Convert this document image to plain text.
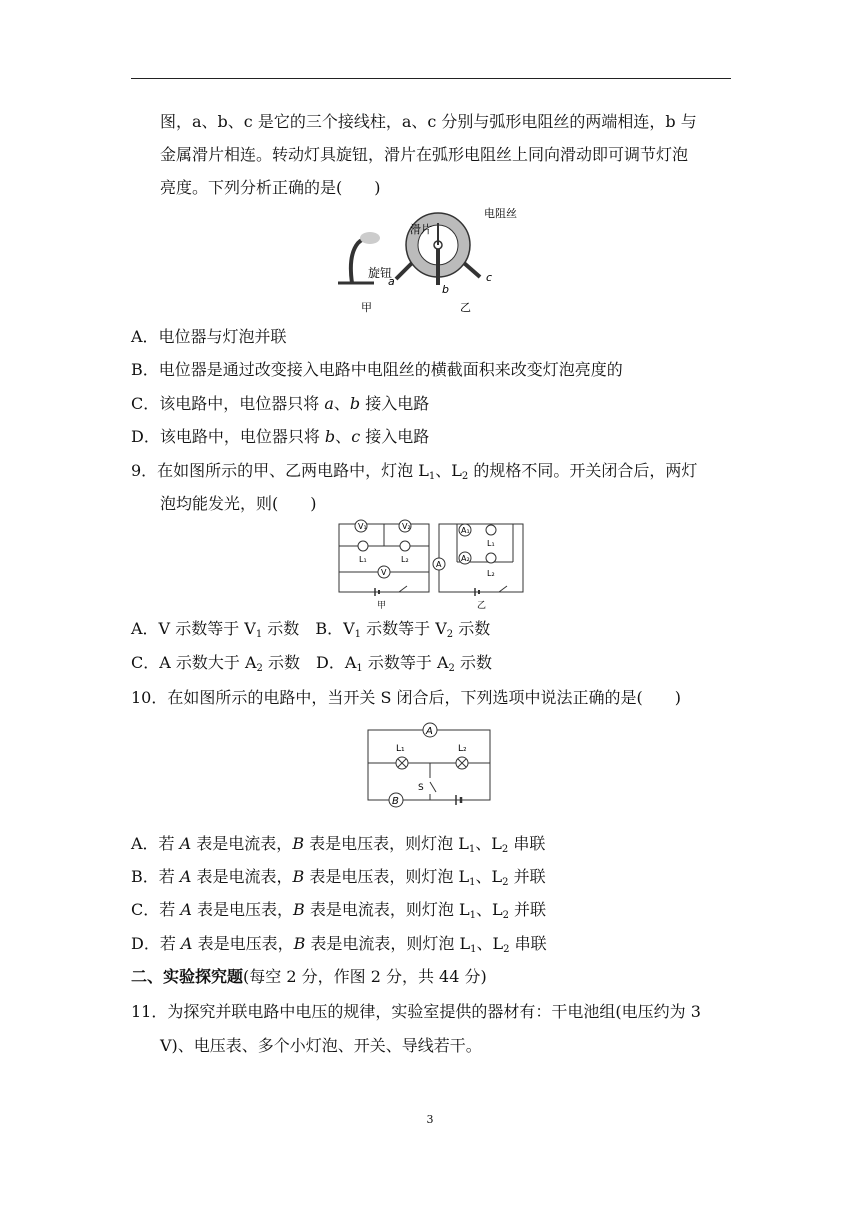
图，a、b、c 是它的三个接线柱，a、c 分别与弧形电阻丝的两端相连，b 与
金属滑片相连。转动灯具旋钮，滑片在弧形电阻丝上同向滑动即可调节灯泡
亮度。下列分析正确的是(　　)
旋钮
甲
滑片
电阻丝
a
b
c
乙
A．电位器与灯泡并联
B．电位器是通过改变接入电路中电阻丝的横截面积来改变灯泡亮度的
C．该电路中，电位器只将 a、b 接入电路
D．该电路中，电位器只将 b、c 接入电路
9．在如图所示的甲、乙两电路中，灯泡 $L_1$、$L_2$ 的规格不同。开关闭合后，两灯
泡均能发光，则(　　)
V₁	V₂
V
L₁	L₂
甲
A₁
A₂
A
L₁
L₂
乙
A．V 示数等于 $V_1$ 示数　 B．$V_1$ 示数等于 $V_2$ 示数
C．A 示数大于 $A_2$ 示数　 D．$A_1$ 示数等于 $A_2$ 示数
10．在如图所示的电路中，当开关 S 闭合后，下列选项中说法正确的是(　　)
A
B
L₁	L₂
S
A．若 A 表是电流表，B 表是电压表，则灯泡 $L_1$、$L_2$ 串联
B．若 A 表是电流表，B 表是电压表，则灯泡 $L_1$、$L_2$ 并联
C．若 A 表是电压表，B 表是电流表，则灯泡 $L_1$、$L_2$ 并联
D．若 A 表是电压表，B 表是电流表，则灯泡 $L_1$、$L_2$ 串联
二、实验探究题(每空 2 分，作图 2 分，共 44 分)
11．为探究并联电路中电压的规律，实验室提供的器材有：干电池组(电压约为 3
V)、电压表、多个小灯泡、开关、导线若干。
3
